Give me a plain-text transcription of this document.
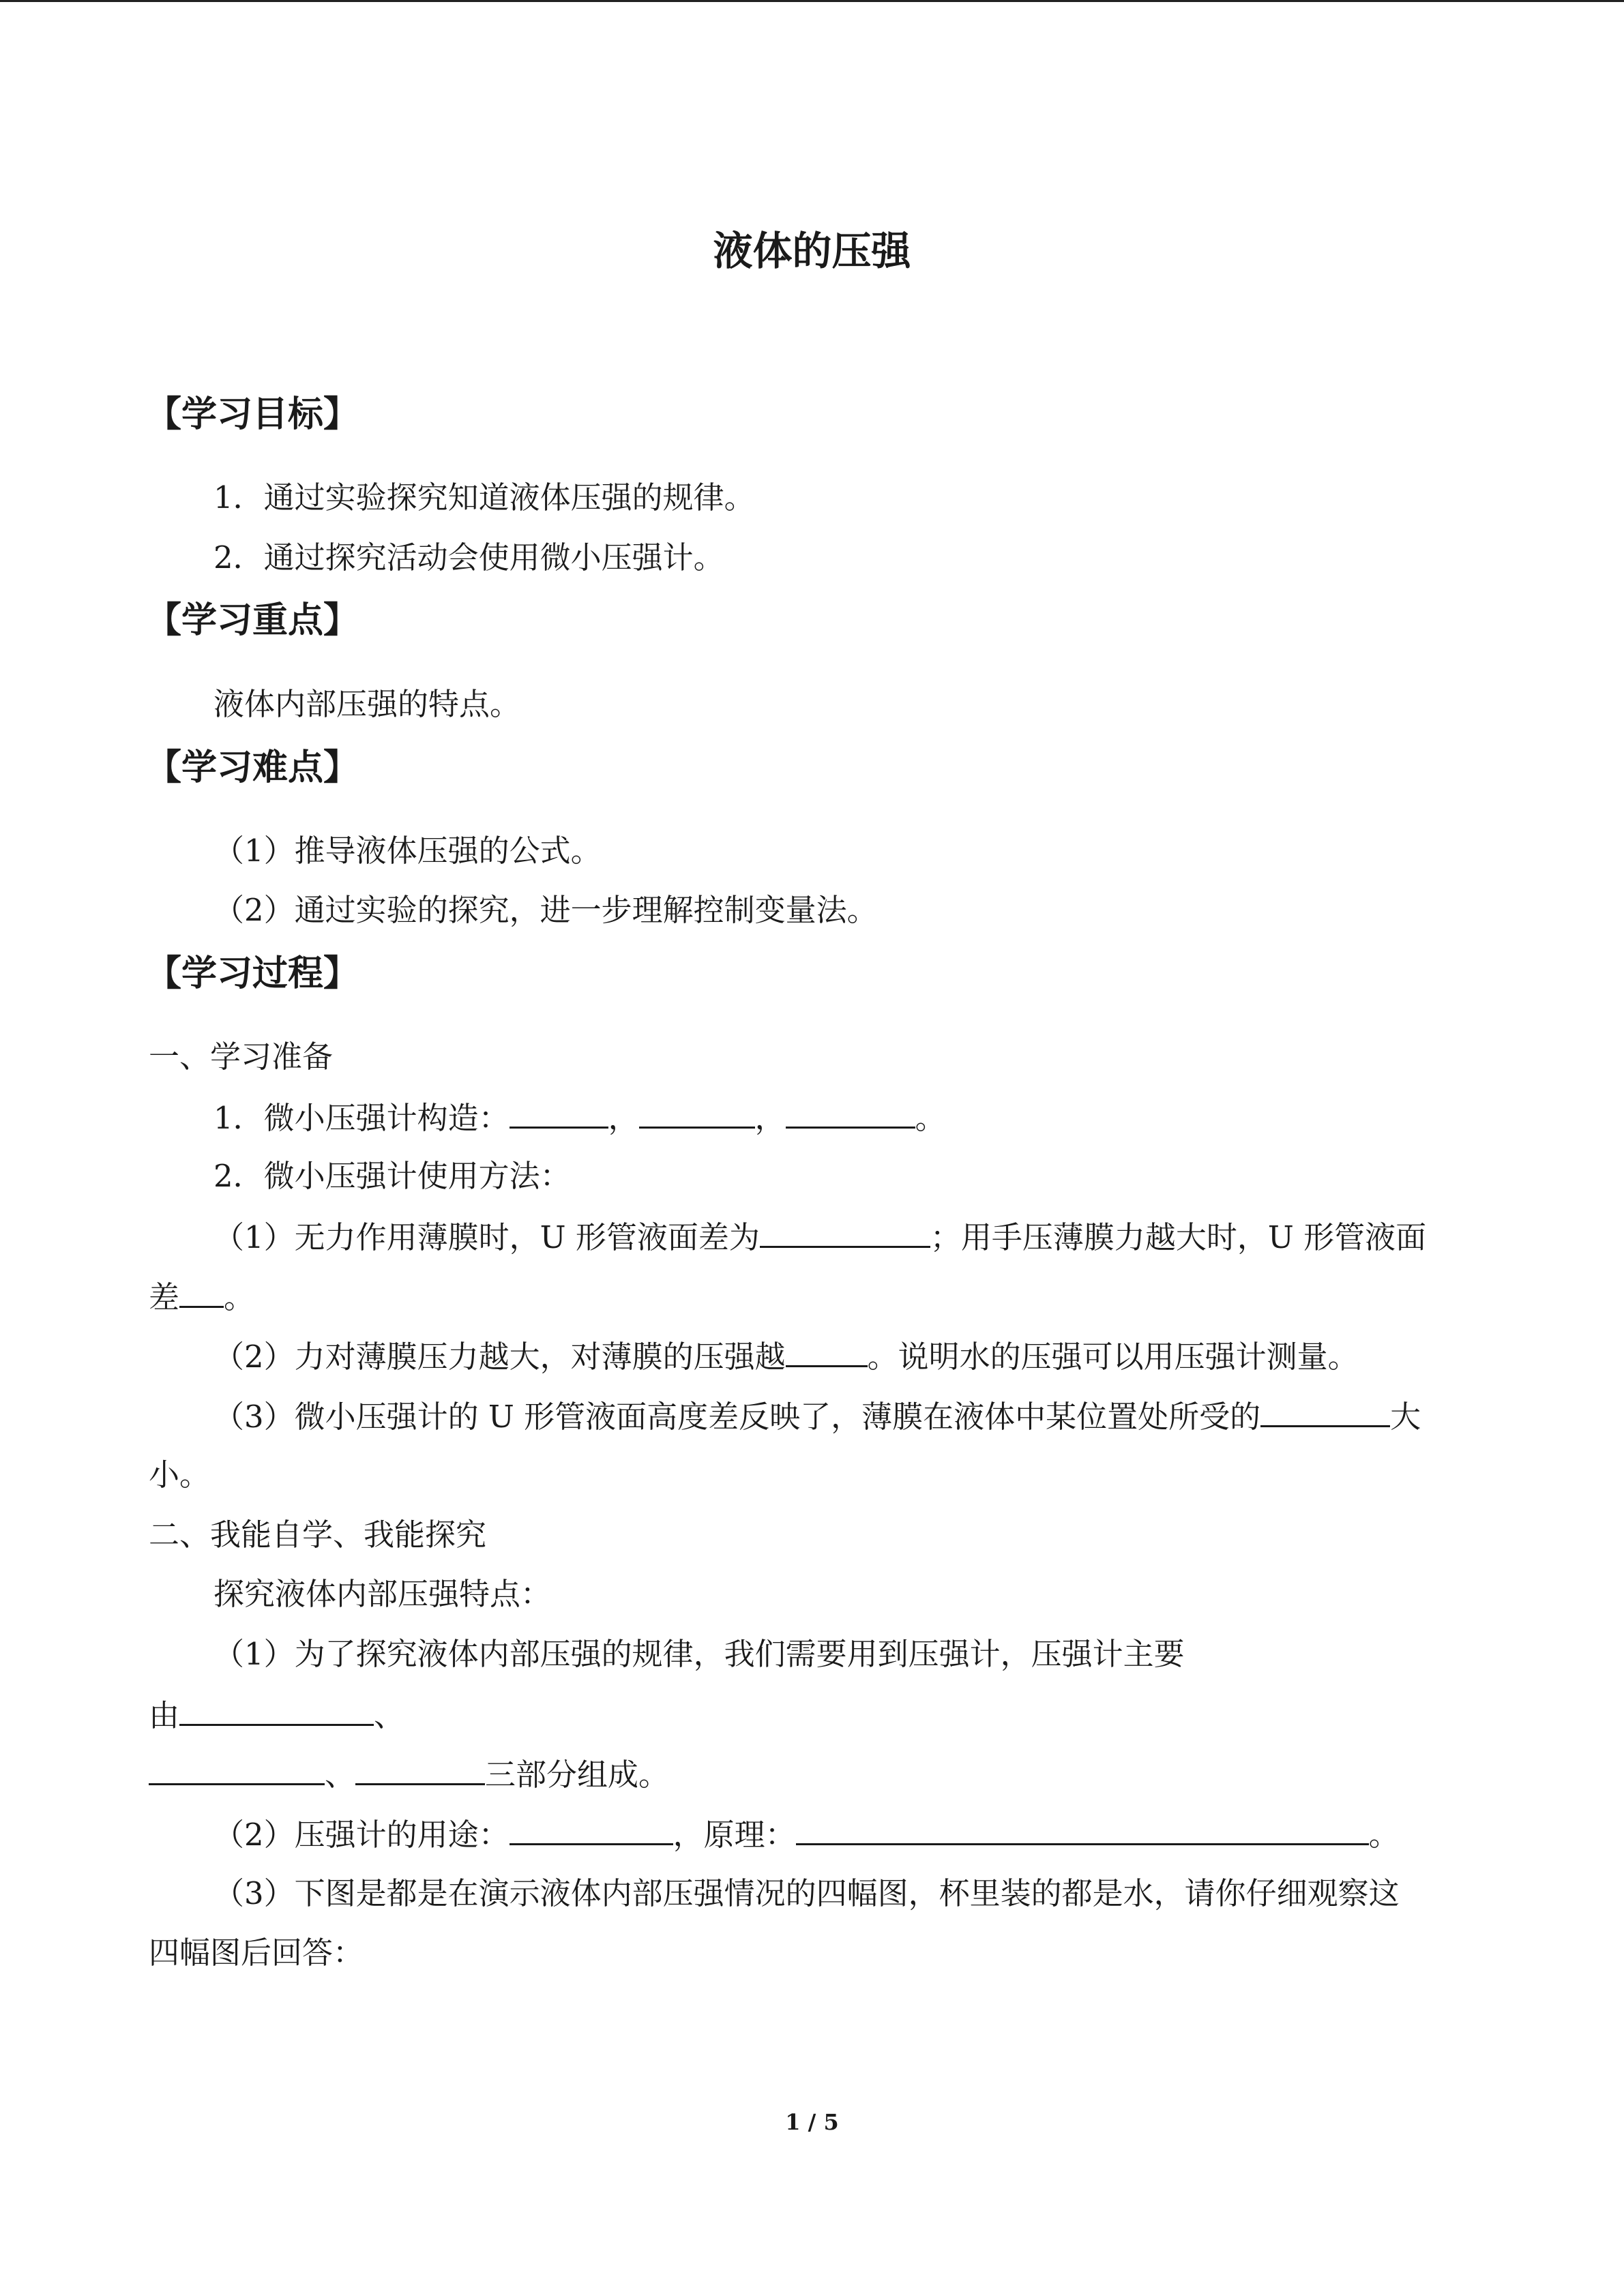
液体的压强
【学习目标】
1．通过实验探究知道液体压强的规律。
2．通过探究活动会使用微小压强计。
【学习重点】
液体内部压强的特点。
【学习难点】
（1）推导液体压强的公式。
（2）通过实验的探究，进一步理解控制变量法。
【学习过程】
一、学习准备
1．微小压强计构造：	，	，	。
2．微小压强计使用方法：
（1）无力作用薄膜时，U 形管液面差为	；用手压薄膜力越大时，U 形管液面
差 。
（2）力对薄膜压力越大，对薄膜的压强越	。说明水的压强可以用压强计测量。
（3）微小压强计的 U 形管液面高度差反映了，薄膜在液体中某位置处所受的	大
小。
二、我能自学、我能探究
探究液体内部压强特点：
（1）为了探究液体内部压强的规律，我们需要用到压强计，压强计主要
由	、
、	三部分组成。
（2）压强计的用途：	，原理：	。
（3）下图是都是在演示液体内部压强情况的四幅图，杯里装的都是水，请你仔细观察这
四幅图后回答：
1 / 5
